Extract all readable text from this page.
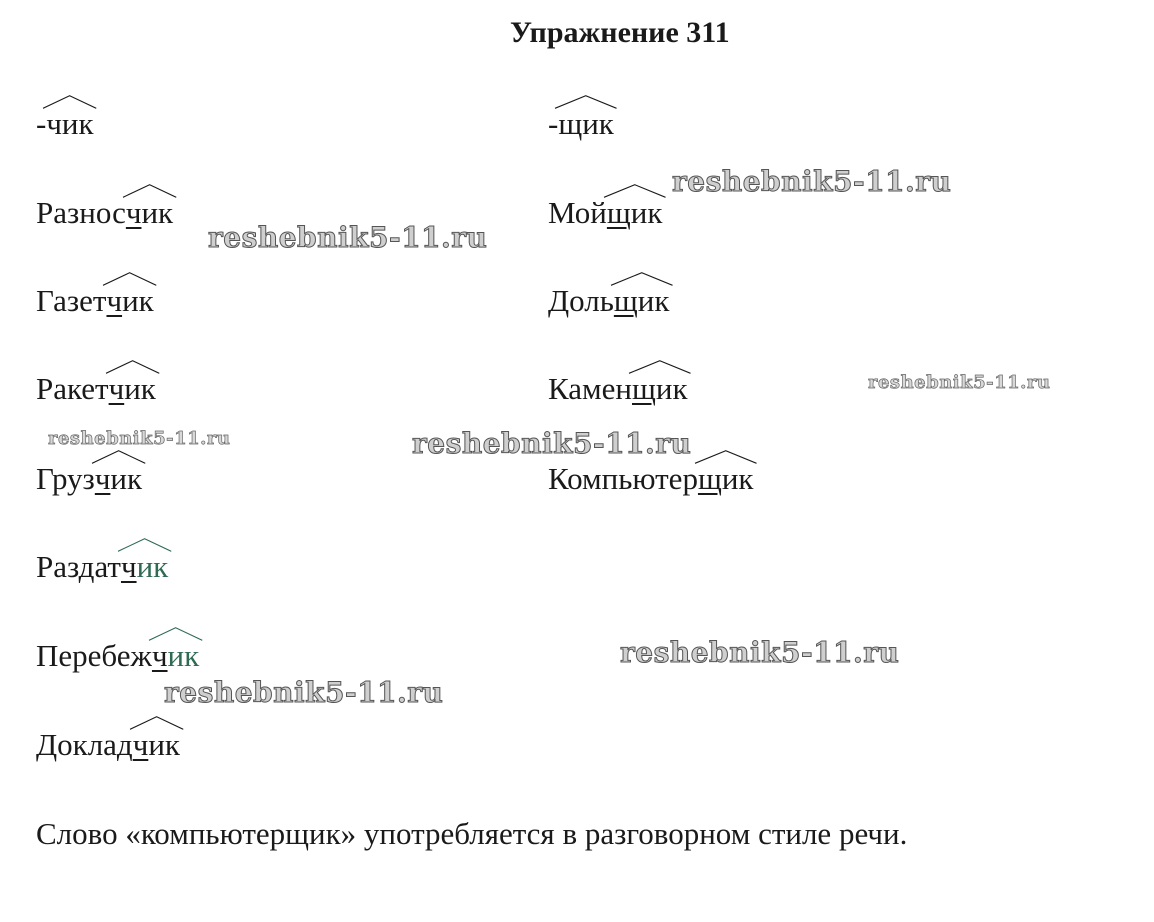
Упражнение 311
-
чик	-
щик
Разнос
чик
Газет
чик
Ракет
чик
Груз
чик
Раздат
чик
Перебеж
чик
Доклад
чик
Мой
щик
Доль
щик
Камен
щик
Компьютер
щик
Слово «компьютерщик» употребляется в разговорном стиле речи.
reshebnik5-11.ru
reshebnik5-11.ru
reshebnik5-11.ru
reshebnik5-11.ru	reshebnik5-11.ru
reshebnik5-11.ru
reshebnik5-11.ru
